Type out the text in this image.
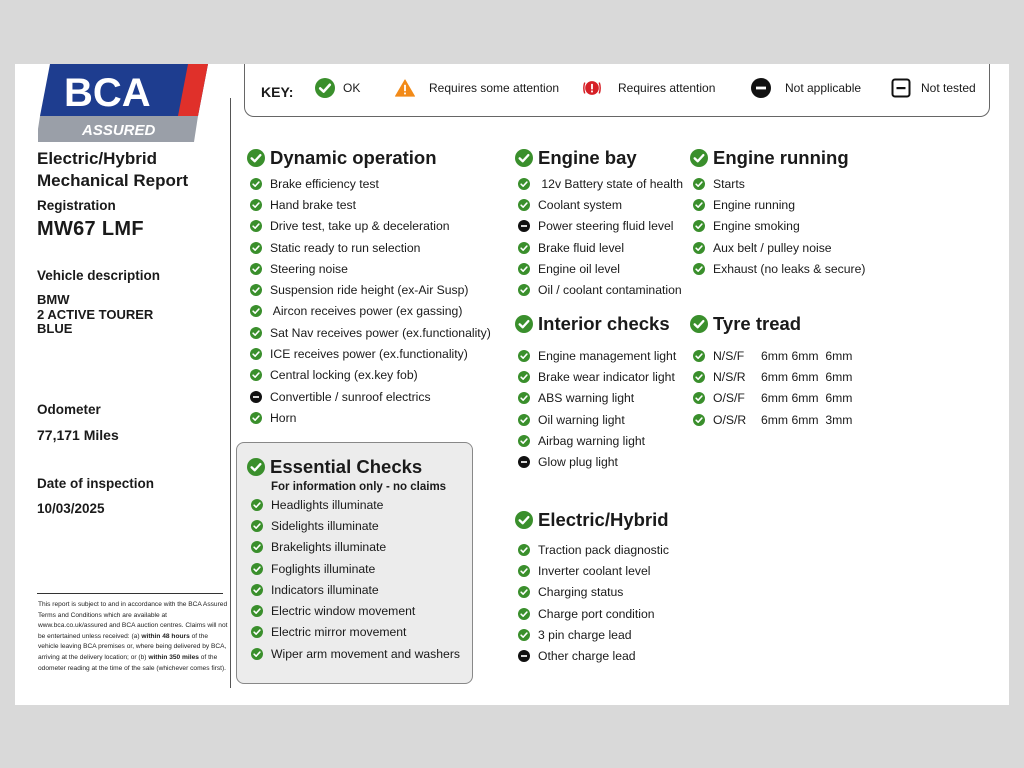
BCA
ASSURED
Electric/Hybrid
Mechanical Report
Registration
MW67 LMF
Vehicle description
BMW
2 ACTIVE TOURER
BLUE
Odometer
77,171 Miles
Date of inspection
10/03/2025
This report is subject to and in accordance with the BCA Assured Terms and Conditions which are available at www.bca.co.uk/assured and BCA auction centres. Claims will not be entertained unless received: (a) within 48 hours of the vehicle leaving BCA premises or, where being delivered by BCA, arriving at the delivery location; or (b) within 350 miles of the odometer reading at the time of the sale (whichever comes first).
KEY:	OK	Requires some attention	Requires attention	Not applicable	Not tested
Dynamic operation
Brake efficiency test
Hand brake test
Drive test, take up & deceleration
Static ready to run selection
Steering noise
Suspension ride height (ex-Air Susp)
Aircon receives power (ex gassing)
Sat Nav receives power (ex.functionality)
ICE receives power (ex.functionality)
Central locking (ex.key fob)
Convertible / sunroof electrics
Horn
Essential Checks
For information only - no claims
Headlights illuminate
Sidelights illuminate
Brakelights illuminate
Foglights illuminate
Indicators illuminate
Electric window movement
Electric mirror movement
Wiper arm movement and washers
Engine bay
12v Battery state of health
Coolant system
Power steering fluid level
Brake fluid level
Engine oil level
Oil / coolant contamination
Interior checks
Engine management light
Brake wear indicator light
ABS warning light
Oil warning light
Airbag warning light
Glow plug light
Electric/Hybrid
Traction pack diagnostic
Inverter coolant level
Charging status
Charge port condition
3 pin charge lead
Other charge lead
Engine running
Starts
Engine running
Engine smoking
Aux belt / pulley noise
Exhaust (no leaks & secure)
Tyre tread
N/S/F	6mm 6mm  6mm
N/S/R	6mm 6mm  6mm
O/S/F	6mm 6mm  6mm
O/S/R	6mm 6mm  3mm
